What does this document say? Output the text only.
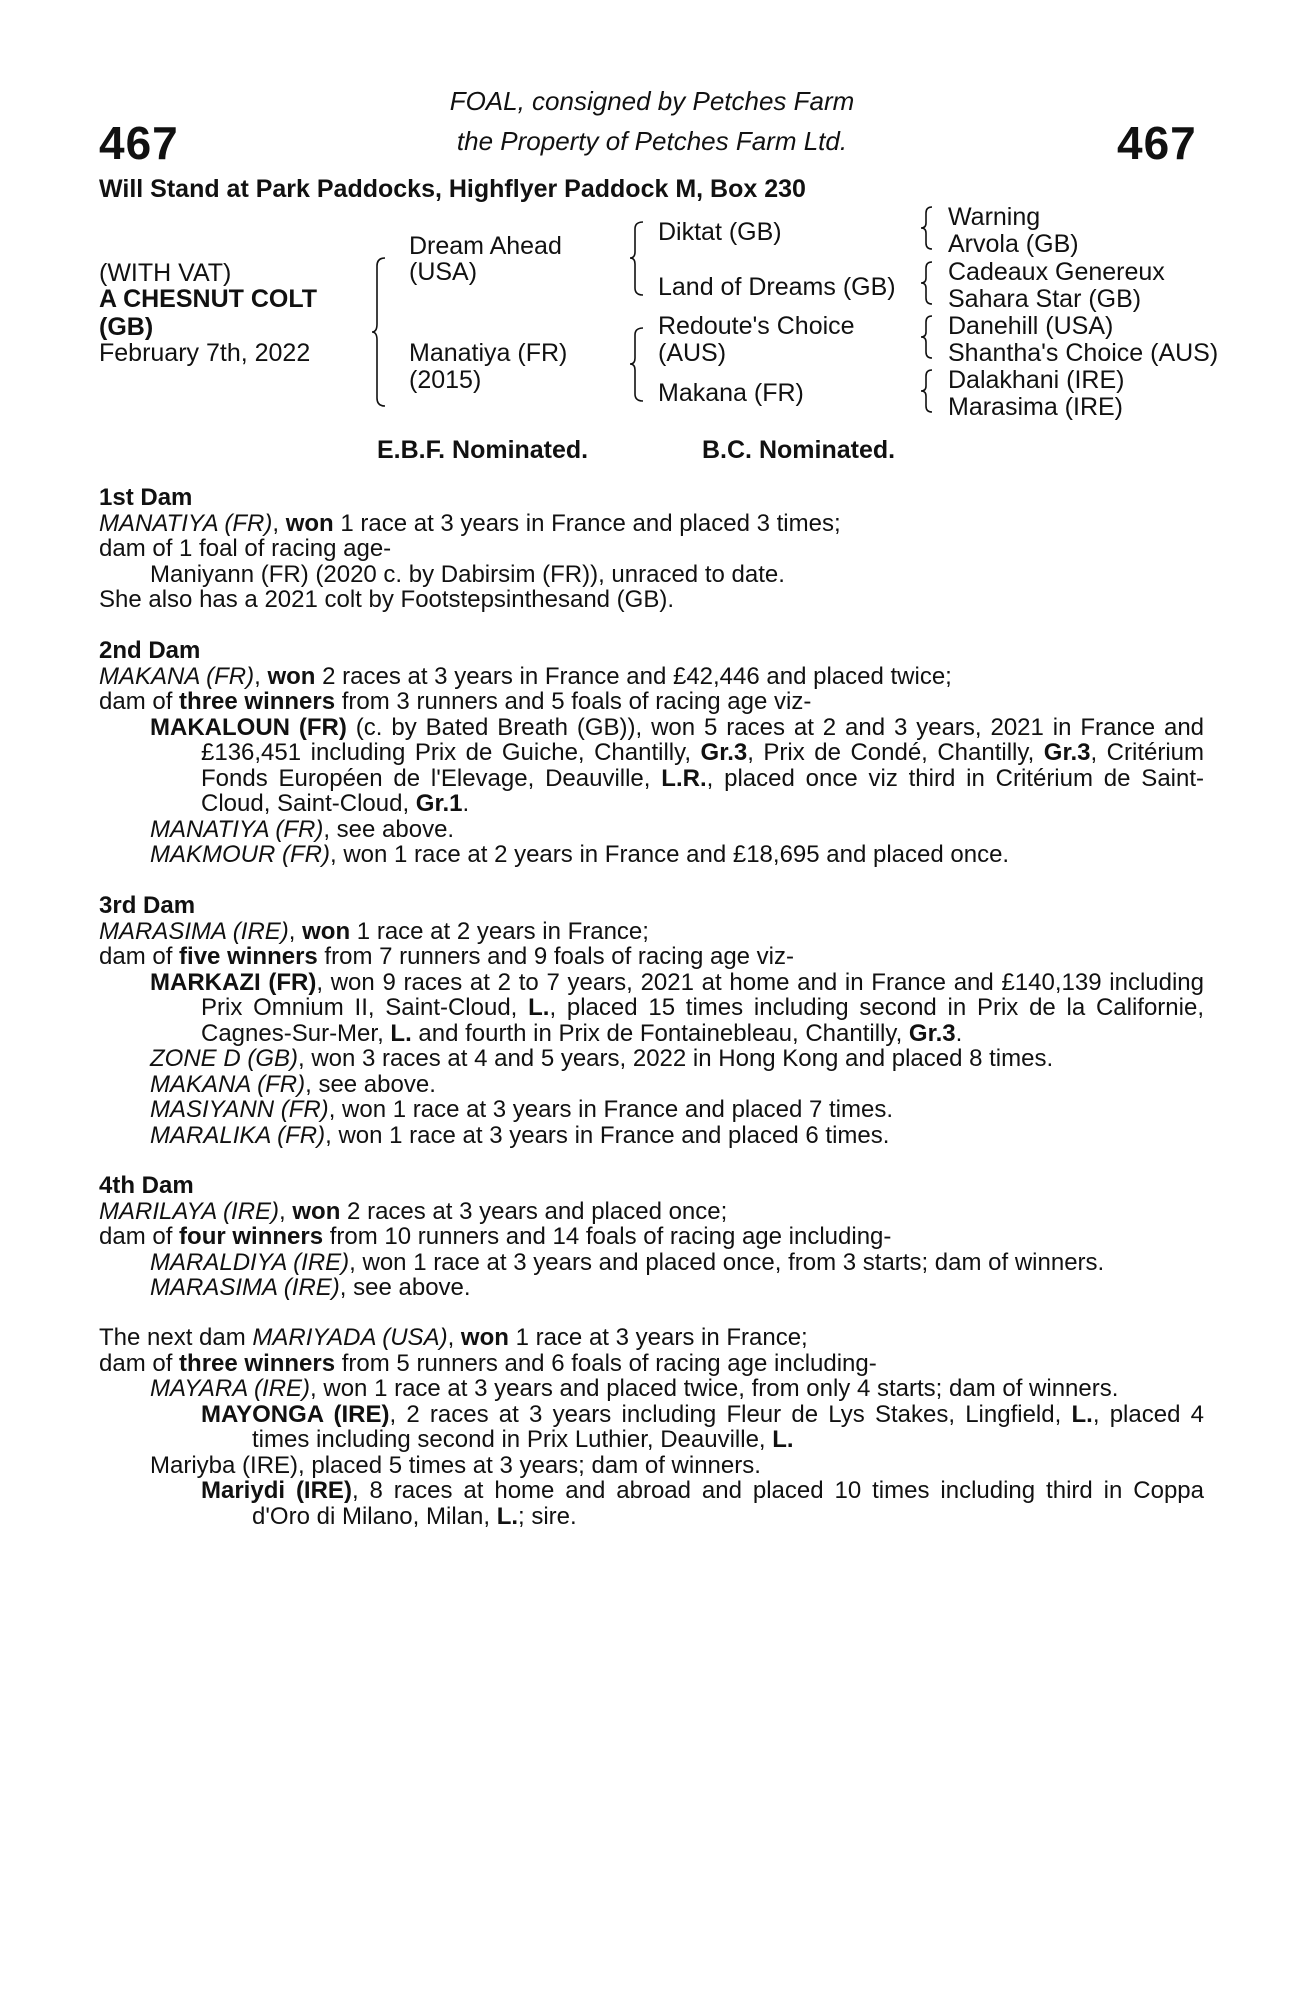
467	467
FOAL, consigned by Petches Farm
the Property of Petches Farm Ltd.
Will Stand at Park Paddocks, Highflyer Paddock M, Box 230
(WITH VAT)
A CHESNUT COLT
(GB)
February 7th, 2022
Dream Ahead
(USA)
Manatiya (FR)
(2015)
Diktat (GB)
Land of Dreams (GB)
Redoute's Choice
(AUS)
Makana (FR)
Warning
Arvola (GB)
Cadeaux Genereux
Sahara Star (GB)
Danehill (USA)
Shantha's Choice (AUS)
Dalakhani (IRE)
Marasima (IRE)
E.B.F. Nominated.	B.C. Nominated.
1st Dam
MANATIYA (FR), won 1 race at 3 years in France and placed 3 times;
dam of 1 foal of racing age-
Maniyann (FR) (2020 c. by Dabirsim (FR)), unraced to date.
She also has a 2021 colt by Footstepsinthesand (GB).
2nd Dam
MAKANA (FR), won 2 races at 3 years in France and £42,446 and placed twice;
dam of three winners from 3 runners and 5 foals of racing age viz-
MAKALOUN (FR) (c. by Bated Breath (GB)), won 5 races at 2 and 3 years, 2021 in France and £136,451 including Prix de Guiche, Chantilly, Gr.3, Prix de Condé, Chantilly, Gr.3, Critérium Fonds Européen de l'Elevage, Deauville, L.R., placed once viz third in Critérium de Saint-Cloud, Saint-Cloud, Gr.1.
MANATIYA (FR), see above.
MAKMOUR (FR), won 1 race at 2 years in France and £18,695 and placed once.
3rd Dam
MARASIMA (IRE), won 1 race at 2 years in France;
dam of five winners from 7 runners and 9 foals of racing age viz-
MARKAZI (FR), won 9 races at 2 to 7 years, 2021 at home and in France and £140,139 including Prix Omnium II, Saint-Cloud, L., placed 15 times including second in Prix de la Californie, Cagnes-Sur-Mer, L. and fourth in Prix de Fontainebleau, Chantilly, Gr.3.
ZONE D (GB), won 3 races at 4 and 5 years, 2022 in Hong Kong and placed 8 times.
MAKANA (FR), see above.
MASIYANN (FR), won 1 race at 3 years in France and placed 7 times.
MARALIKA (FR), won 1 race at 3 years in France and placed 6 times.
4th Dam
MARILAYA (IRE), won 2 races at 3 years and placed once;
dam of four winners from 10 runners and 14 foals of racing age including-
MARALDIYA (IRE), won 1 race at 3 years and placed once, from 3 starts; dam of winners.
MARASIMA (IRE), see above.
The next dam MARIYADA (USA), won 1 race at 3 years in France;
dam of three winners from 5 runners and 6 foals of racing age including-
MAYARA (IRE), won 1 race at 3 years and placed twice, from only 4 starts; dam of winners.
MAYONGA (IRE), 2 races at 3 years including Fleur de Lys Stakes, Lingfield, L., placed 4 times including second in Prix Luthier, Deauville, L.
Mariyba (IRE), placed 5 times at 3 years; dam of winners.
Mariydi (IRE), 8 races at home and abroad and placed 10 times including third in Coppa d'Oro di Milano, Milan, L.; sire.
